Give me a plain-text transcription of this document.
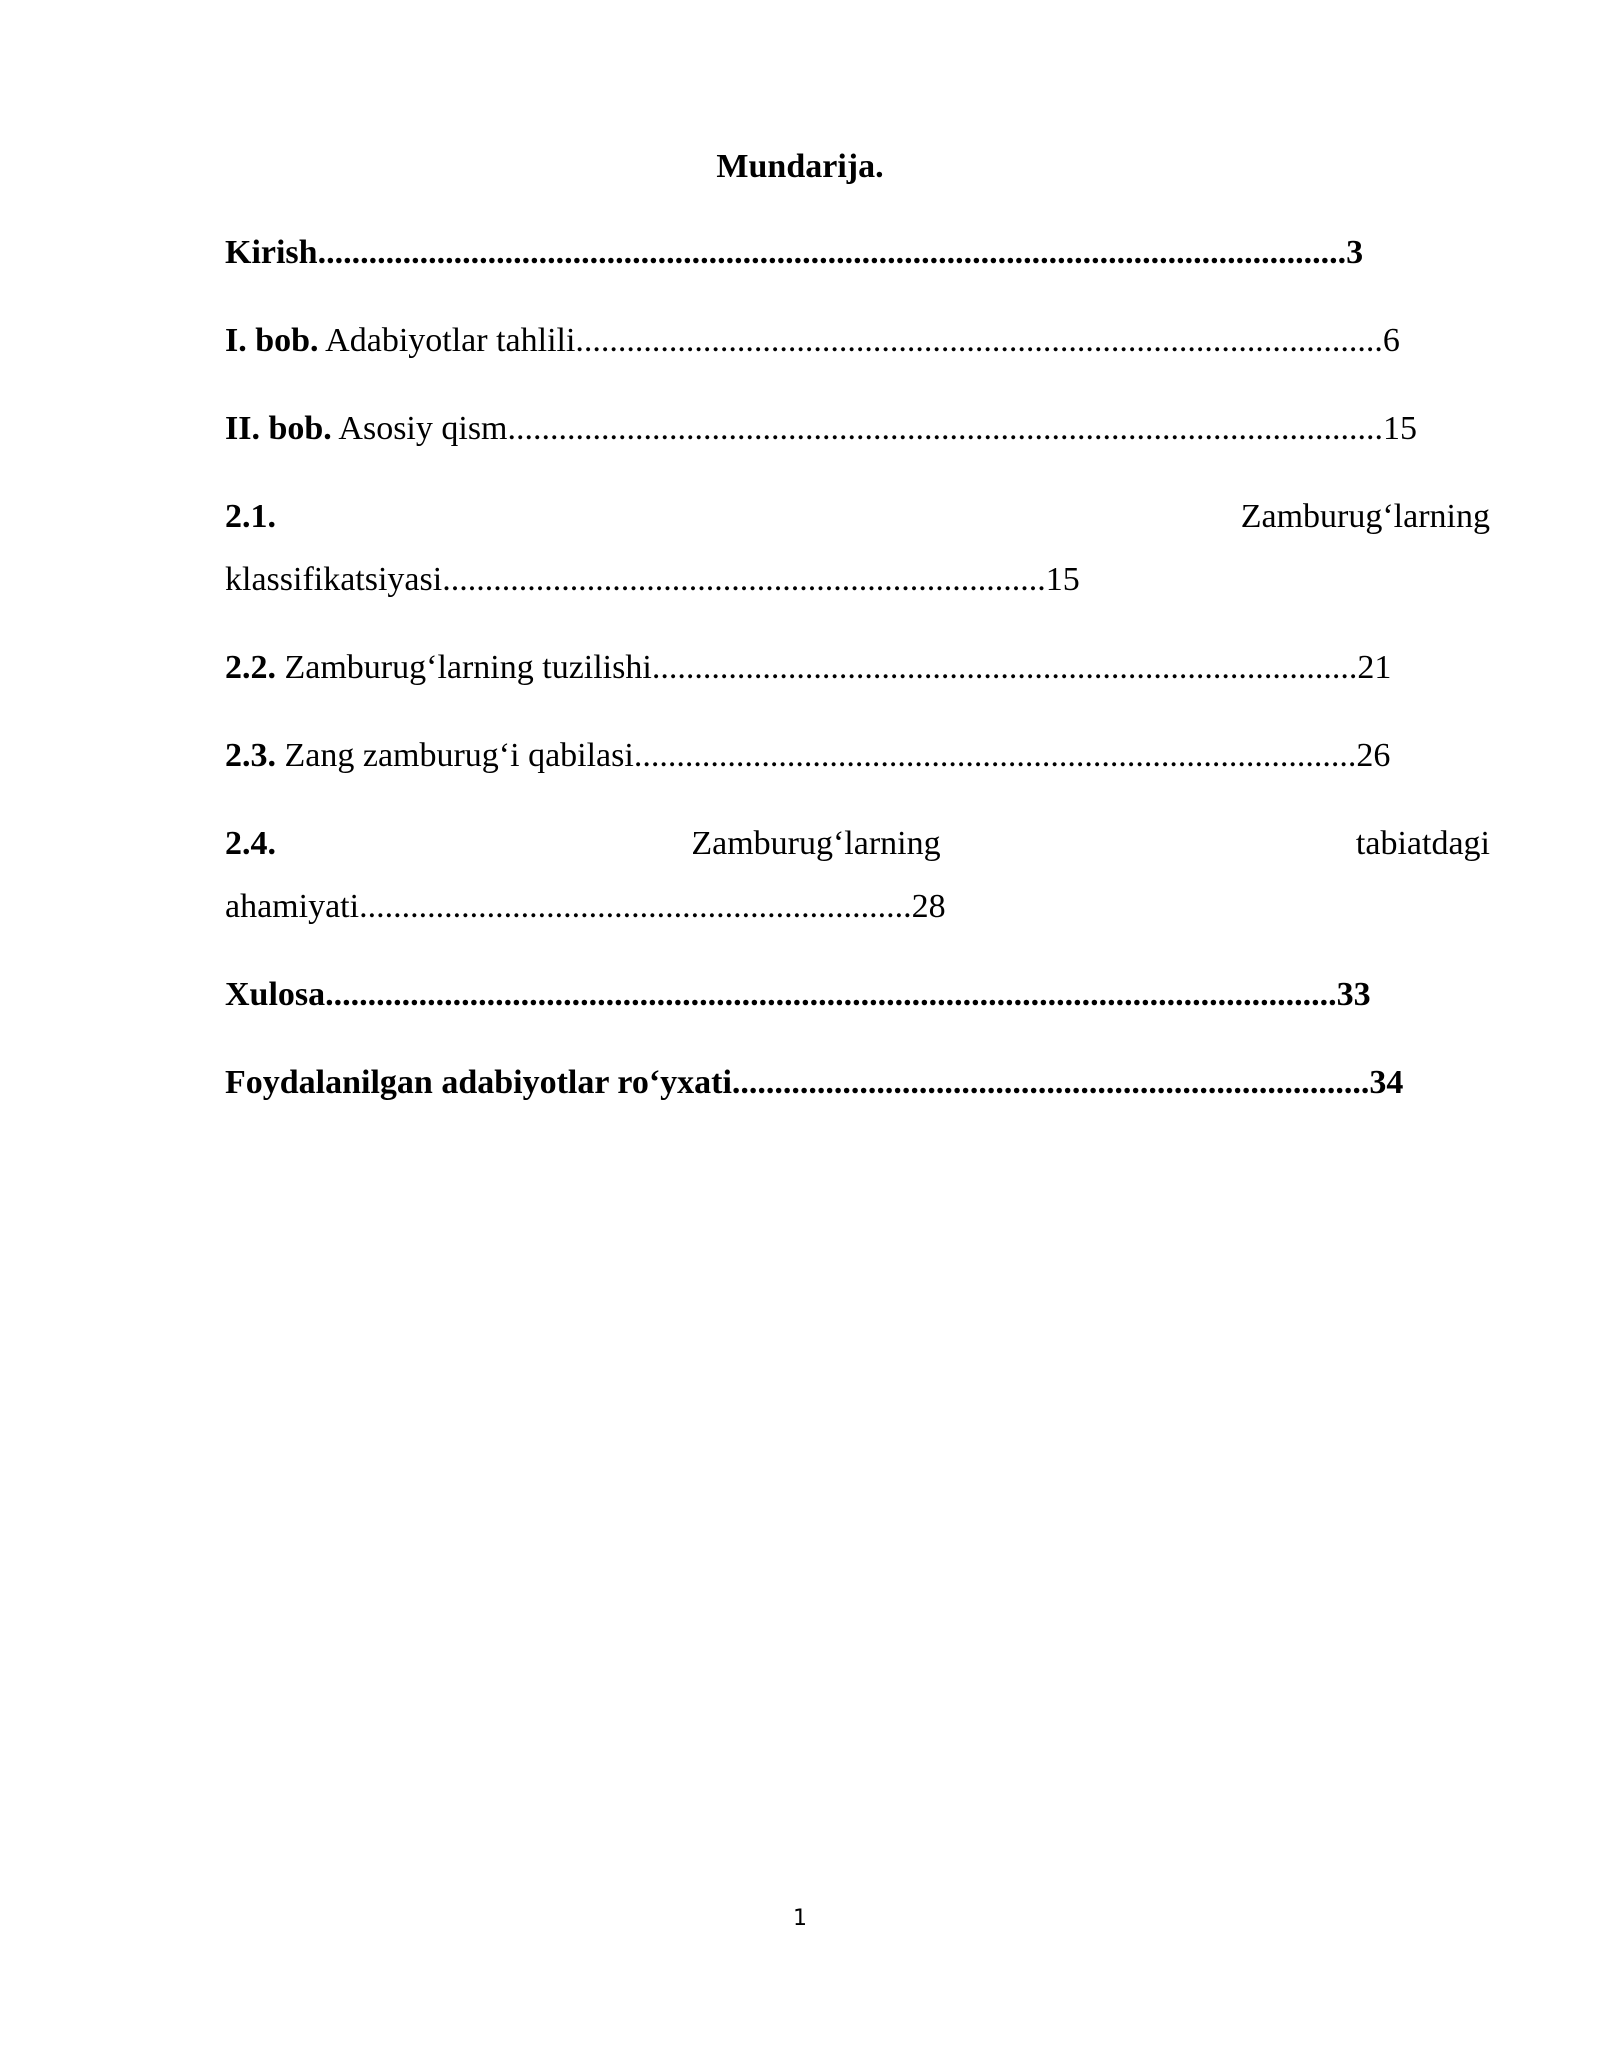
Mundarija.
Kirish.........................................................................................................................3
I. bob. Adabiyotlar tahlili...............................................................................................6
II. bob. Asosiy qism.......................................................................................................15
2.1.	Zamburug‘larning
klassifikatsiyasi.......................................................................15
2.2. Zamburug‘larning tuzilishi...................................................................................21
2.3. Zang zamburug‘i qabilasi.....................................................................................26
2.4.	Zamburug‘larning	tabiatdagi
ahamiyati.................................................................28
Xulosa.......................................................................................................................33
Foydalanilgan adabiyotlar ro‘yxati...........................................................................34
1
